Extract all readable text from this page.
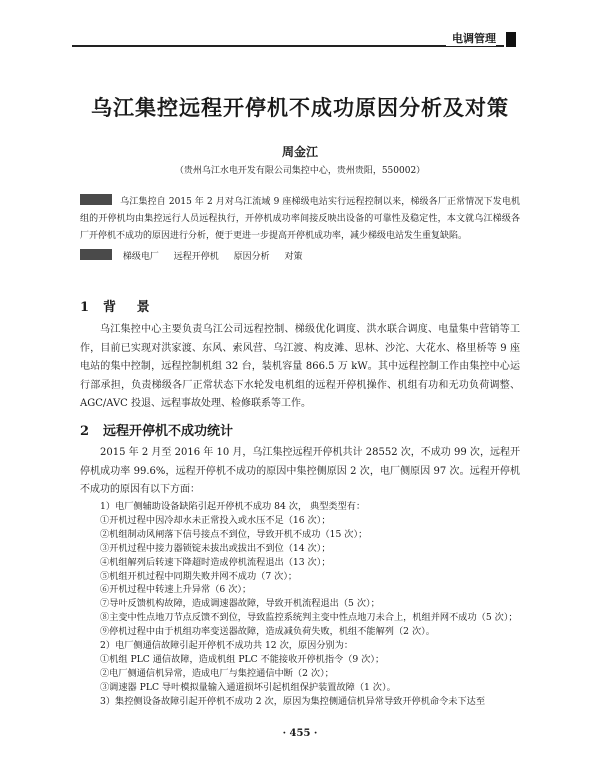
电调管理
乌江集控远程开停机不成功原因分析及对策
周金江
（贵州乌江水电开发有限公司集控中心，贵州贵阳，550002）
乌江集控自 2015 年 2 月对乌江流域 9 座梯级电站实行远程控制以来，梯级各厂正常情况下发电机组的开停机均由集控远行人员远程执行，开停机成功率间接反映出设备的可靠性及稳定性，本文就乌江梯级各厂开停机不成功的原因进行分析，便于更进一步提高开停机成功率，减少梯级电站发生重复缺陷。
梯级电厂 远程开停机 原因分析 对策
1 背 景
乌江集控中心主要负责乌江公司远程控制、梯级优化调度、洪水联合调度、电量集中营销等工作，目前已实现对洪家渡、东风、索风营、乌江渡、构皮滩、思林、沙沱、大花水、格里桥等 9 座电站的集中控制，远程控制机组 32 台，装机容量 866.5 万 kW。其中远程控制工作由集控中心运行部承担，负责梯级各厂正常状态下水轮发电机组的远程开停机操作、机组有功和无功负荷调整、AGC/AVC 投退、远程事故处理、检修联系等工作。
2 远程开停机不成功统计
2015 年 2 月至 2016 年 10 月，乌江集控远程开停机共计 28552 次，不成功 99 次，远程开停机成功率 99.6%，远程开停机不成功的原因中集控侧原因 2 次，电厂侧原因 97 次。远程开停机不成功的原因有以下方面：
1）电厂侧辅助设备缺陷引起开停机不成功 84 次， 典型类型有：
①开机过程中因冷却水未正常投入或水压不足（16 次）；
②机组制动风闸落下信号接点不到位，导致开机不成功（15 次）；
③开机过程中接力器锁锭未拔出或拔出不到位（14 次）；
④机组解列后转速下降超时造成停机流程退出（13 次）；
⑤机组开机过程中同期失败并网不成功（7 次）；
⑥开机过程中转速上升异常（6 次）；
⑦导叶反馈机构故障，造成调速器故障，导致开机流程退出（5 次）；
⑧主变中性点地刀节点反馈不到位，导致监控系统判主变中性点地刀未合上，机组并网不成功（5 次）；
⑨停机过程中由于机组功率变送器故障，造成减负荷失败，机组不能解列（2 次）。
2）电厂侧通信故障引起开停机不成功共 12 次，原因分别为：
· 455 ·
①机组 PLC 通信故障，造成机组 PLC 不能接收开停机指令（9 次）；
②电厂侧通信机异常，造成电厂与集控通信中断（2 次）；
③调速器 PLC 导叶模拟量输入通道损坏引起机组保护装置故障（1 次）。
3）集控侧设备故障引起开停机不成功 2 次，原因为集控侧通信机异常导致开停机命令未下达至
